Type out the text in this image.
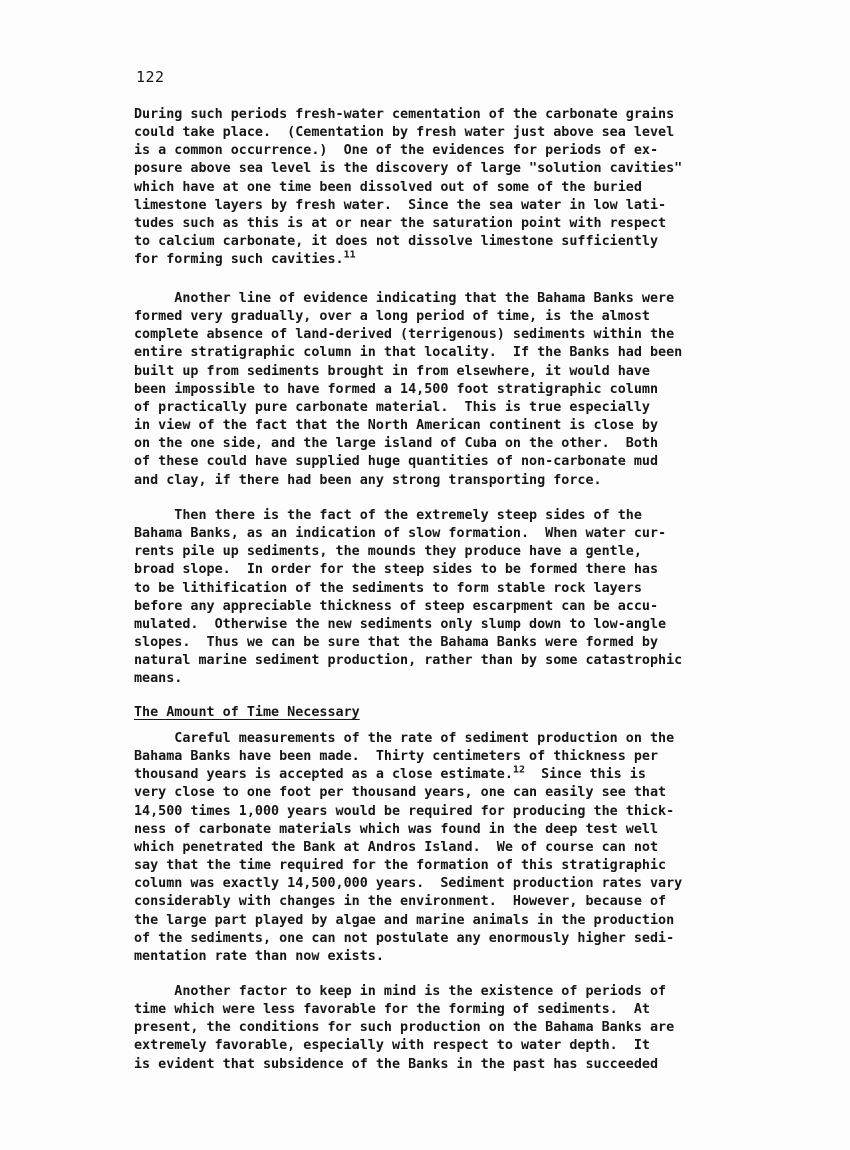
122

During such periods fresh-water cementation of the carbonate grains
could take place.  (Cementation by fresh water just above sea level
is a common occurrence.)  One of the evidences for periods of ex-
posure above sea level is the discovery of large "solution cavities"
which have at one time been dissolved out of some of the buried
limestone layers by fresh water.  Since the sea water in low lati-
tudes such as this is at or near the saturation point with respect
to calcium carbonate, it does not dissolve limestone sufficiently
for forming such cavities.$^{11}$

Another line of evidence indicating that the Bahama Banks were
formed very gradually, over a long period of time, is the almost
complete absence of land-derived (terrigenous) sediments within the
entire stratigraphic column in that locality.  If the Banks had been
built up from sediments brought in from elsewhere, it would have
been impossible to have formed a 14,500 foot stratigraphic column
of practically pure carbonate material.  This is true especially
in view of the fact that the North American continent is close by
on the one side, and the large island of Cuba on the other.  Both
of these could have supplied huge quantities of non-carbonate mud
and clay, if there had been any strong transporting force.

Then there is the fact of the extremely steep sides of the
Bahama Banks, as an indication of slow formation.  When water cur-
rents pile up sediments, the mounds they produce have a gentle,
broad slope.  In order for the steep sides to be formed there has
to be lithification of the sediments to form stable rock layers
before any appreciable thickness of steep escarpment can be accu-
mulated.  Otherwise the new sediments only slump down to low-angle
slopes.  Thus we can be sure that the Bahama Banks were formed by
natural marine sediment production, rather than by some catastrophic
means.

The Amount of Time Necessary

Careful measurements of the rate of sediment production on the
Bahama Banks have been made.  Thirty centimeters of thickness per
thousand years is accepted as a close estimate.$^{12}$  Since this is
very close to one foot per thousand years, one can easily see that
14,500 times 1,000 years would be required for producing the thick-
ness of carbonate materials which was found in the deep test well
which penetrated the Bank at Andros Island.  We of course can not
say that the time required for the formation of this stratigraphic
column was exactly 14,500,000 years.  Sediment production rates vary
considerably with changes in the environment.  However, because of
the large part played by algae and marine animals in the production
of the sediments, one can not postulate any enormously higher sedi-
mentation rate than now exists.

Another factor to keep in mind is the existence of periods of
time which were less favorable for the forming of sediments.  At
present, the conditions for such production on the Bahama Banks are
extremely favorable, especially with respect to water depth.  It
is evident that subsidence of the Banks in the past has succeeded
